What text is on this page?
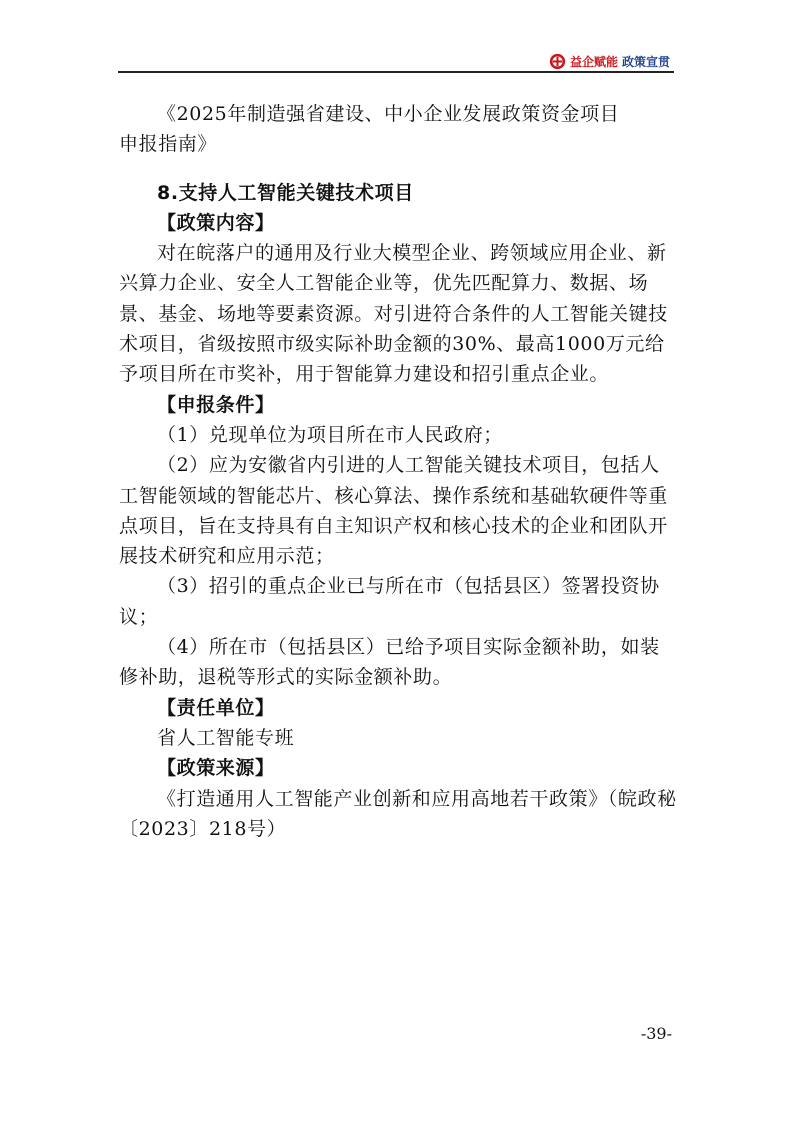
益企赋能 政策宣贯

《2025年制造强省建设、中小企业发展政策资金项目

申报指南》

8.支持人工智能关键技术项目

【政策内容】

对在皖落户的通用及行业大模型企业、跨领域应用企业、新兴算力企业、安全人工智能企业等，优先匹配算力、数据、场景、基金、场地等要素资源。对引进符合条件的人工智能关键技术项目，省级按照市级实际补助金额的30%、最高1000万元给予项目所在市奖补，用于智能算力建设和招引重点企业。

【申报条件】

（1）兑现单位为项目所在市人民政府；

（2）应为安徽省内引进的人工智能关键技术项目，包括人工智能领域的智能芯片、核心算法、操作系统和基础软硬件等重点项目，旨在支持具有自主知识产权和核心技术的企业和团队开展技术研究和应用示范；

（3）招引的重点企业已与所在市（包括县区）签署投资协议；

（4）所在市（包括县区）已给予项目实际金额补助，如装修补助，退税等形式的实际金额补助。

【责任单位】

省人工智能专班

【政策来源】

《打造通用人工智能产业创新和应用高地若干政策》（皖政秘〔2023〕218号）

-39-
